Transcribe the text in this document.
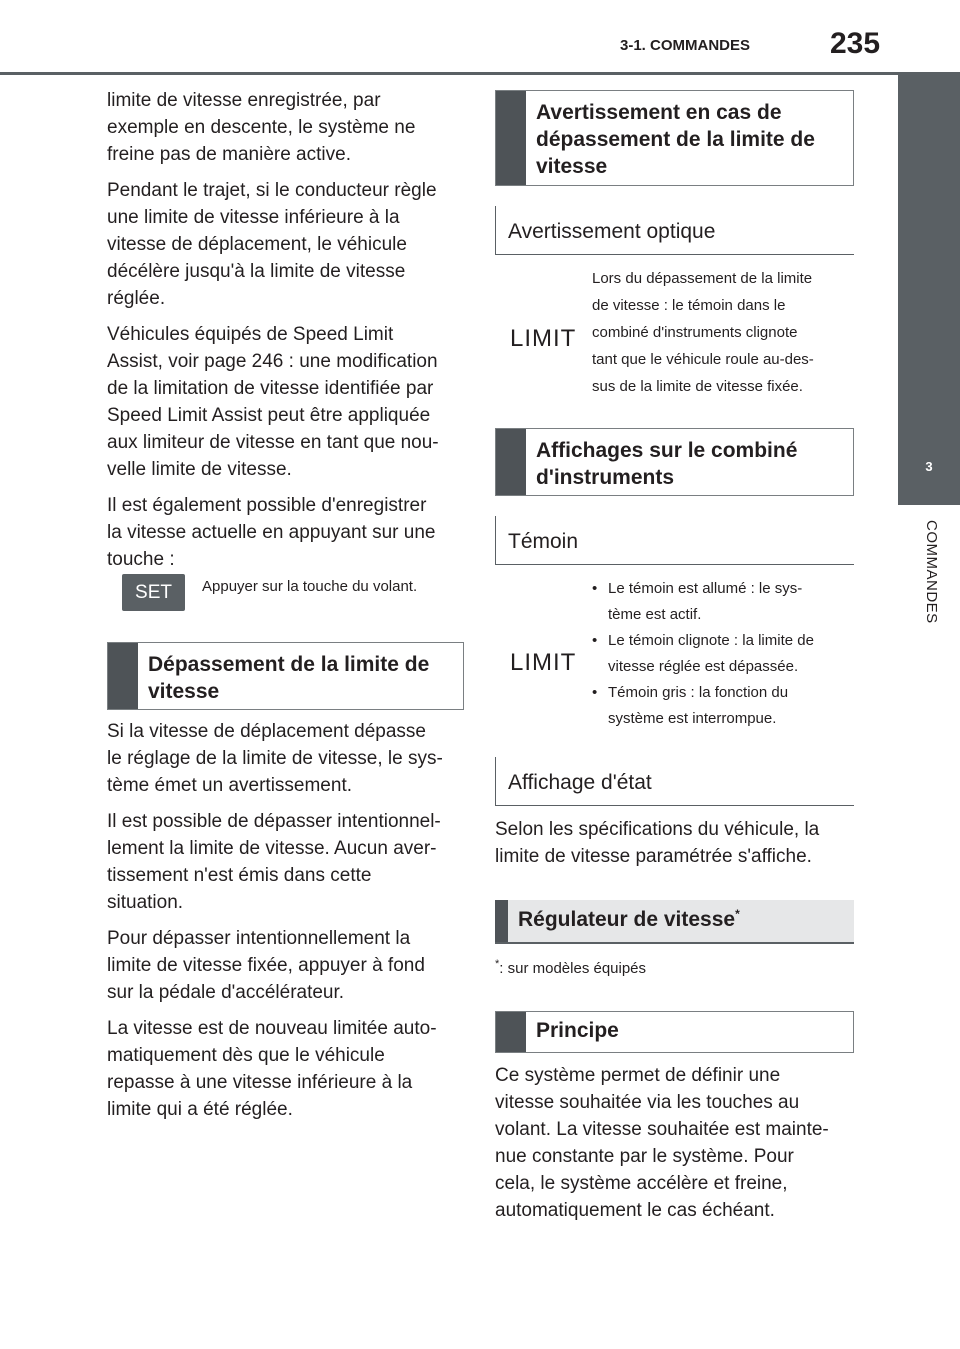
3-1. COMMANDES	235
3
COMMANDES

limite de vitesse enregistrée, par
exemple en descente, le système ne
freine pas de manière active.

Pendant le trajet, si le conducteur règle
une limite de vitesse inférieure à la
vitesse de déplacement, le véhicule
décélère jusqu'à la limite de vitesse
réglée.

Véhicules équipés de Speed Limit
Assist, voir page 246 : une modification
de la limitation de vitesse identifiée par
Speed Limit Assist peut être appliquée
aux limiteur de vitesse en tant que nou-
velle limite de vitesse.

Il est également possible d'enregistrer
la vitesse actuelle en appuyant sur une
touche :

SET	Appuyer sur la touche du volant.
Dépassement de la limite de
vitesse

Si la vitesse de déplacement dépasse
le réglage de la limite de vitesse, le sys-
tème émet un avertissement.

Il est possible de dépasser intentionnel-
lement la limite de vitesse. Aucun aver-
tissement n'est émis dans cette
situation.

Pour dépasser intentionnellement la
limite de vitesse fixée, appuyer à fond
sur la pédale d'accélérateur.

La vitesse est de nouveau limitée auto-
matiquement dès que le véhicule
repasse à une vitesse inférieure à la
limite qui a été réglée.

Avertissement en cas de
dépassement de la limite de
vitesse
Avertissement optique
LIMIT
Lors du dépassement de la limite
de vitesse : le témoin dans le
combiné d'instruments clignote
tant que le véhicule roule au-des-
sus de la limite de vitesse fixée.
Affichages sur le combiné
d'instruments
Témoin
LIMIT
• Le témoin est allumé : le sys-
tème est actif.
• Le témoin clignote : la limite de
vitesse réglée est dépassée.
• Témoin gris : la fonction du
système est interrompue.
Affichage d'état

Selon les spécifications du véhicule, la
limite de vitesse paramétrée s'affiche.

Régulateur de vitesse*
*: sur modèles équipés
Principe

Ce système permet de définir une
vitesse souhaitée via les touches au
volant. La vitesse souhaitée est mainte-
nue constante par le système. Pour
cela, le système accélère et freine,
automatiquement le cas échéant.
